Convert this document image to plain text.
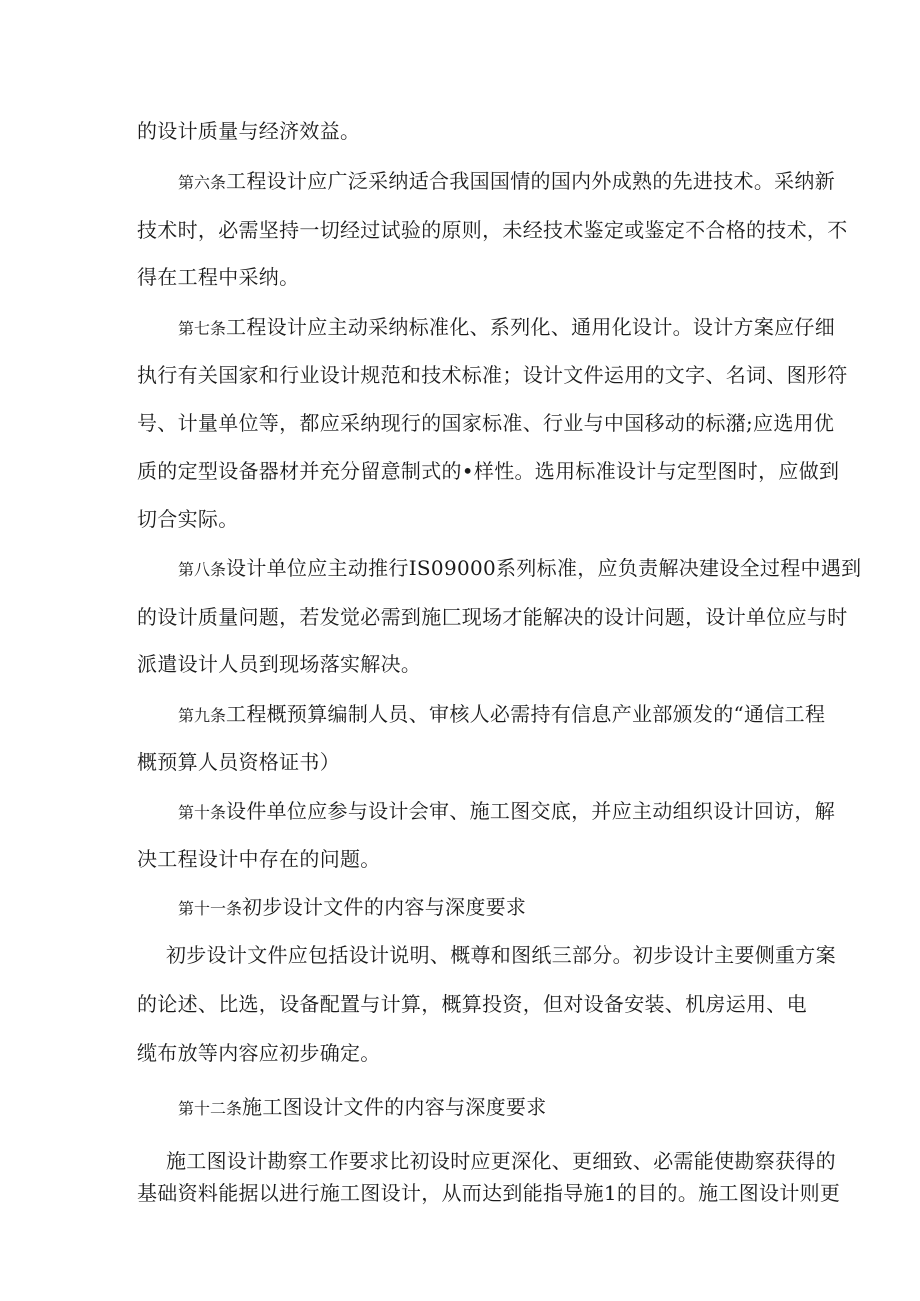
的设计质量与经济效益。
第六条工程设计应广泛采纳适合我国国情的国内外成熟的先进技术。采纳新
技术时，必需坚持一切经过试验的原则，未经技术鉴定或鉴定不合格的技术，不
得在工程中采纳。
第七条工程设计应主动采纳标准化、系列化、通用化设计。设计方案应仔细
执行有关国家和行业设计规范和技术标准；设计文件运用的文字、名词、图形符
号、计量单位等，都应采纳现行的国家标准、行业与中国移动的标潴;应选用优
质的定型设备器材并充分留意制式的•样性。选用标准设计与定型图时，应做到
切合实际。
第八条设计单位应主动推行IS09000系列标准，应负责解决建设全过程中遇到
的设计质量问题，若发觉必需到施匚现场才能解决的设计问题，设计单位应与时
派遣设计人员到现场落实解决。
第九条工程概预算编制人员、审核人必需持有信息产业部颁发的“通信工程
概预算人员资格证书）
第十条设件单位应参与设计会审、施工图交底，并应主动组织设计回访，解
决工程设计中存在的问题。
第十一条初步设计文件的内容与深度要求
初步设计文件应包括设计说明、概尊和图纸三部分。初步设计主要侧重方案
的论述、比选，设备配置与计算，概算投资，但对设备安装、机房运用、电
缆布放等内容应初步确定。
第十二条施工图设计文件的内容与深度要求
施工图设计勘察工作要求比初设时应更深化、更细致、必需能使勘察获得的
基础资料能据以进行施工图设计，从而达到能指导施1的目的。施工图设计则更
